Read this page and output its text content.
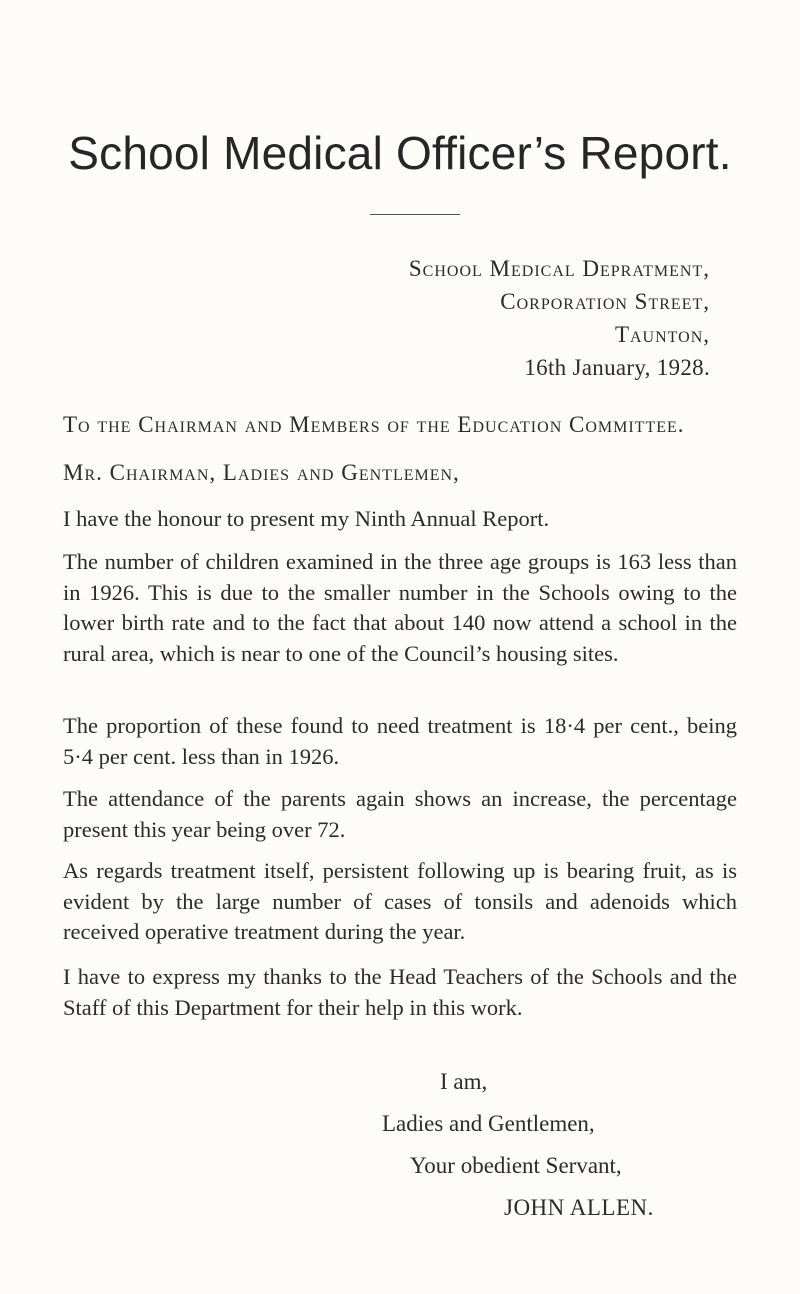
School Medical Officer’s Report.
School Medical Depratment,
Corporation Street,
Taunton,
16th January, 1928.
To the Chairman and Members of the Education Committee.
Mr. Chairman, Ladies and Gentlemen,
I have the honour to present my Ninth Annual Report.
The number of children examined in the three age groups is 163 less than in 1926. This is due to the smaller number in the Schools owing to the lower birth rate and to the fact that about 140 now attend a school in the rural area, which is near to one of the Council’s housing sites.
The proportion of these found to need treatment is 18·4 per cent., being 5·4 per cent. less than in 1926.
The attendance of the parents again shows an increase, the percentage present this year being over 72.
As regards treatment itself, persistent following up is bearing fruit, as is evident by the large number of cases of tonsils and adenoids which received operative treatment during the year.
I have to express my thanks to the Head Teachers of the Schools and the Staff of this Department for their help in this work.
I am,
Ladies and Gentlemen,
Your obedient Servant,
JOHN ALLEN.
